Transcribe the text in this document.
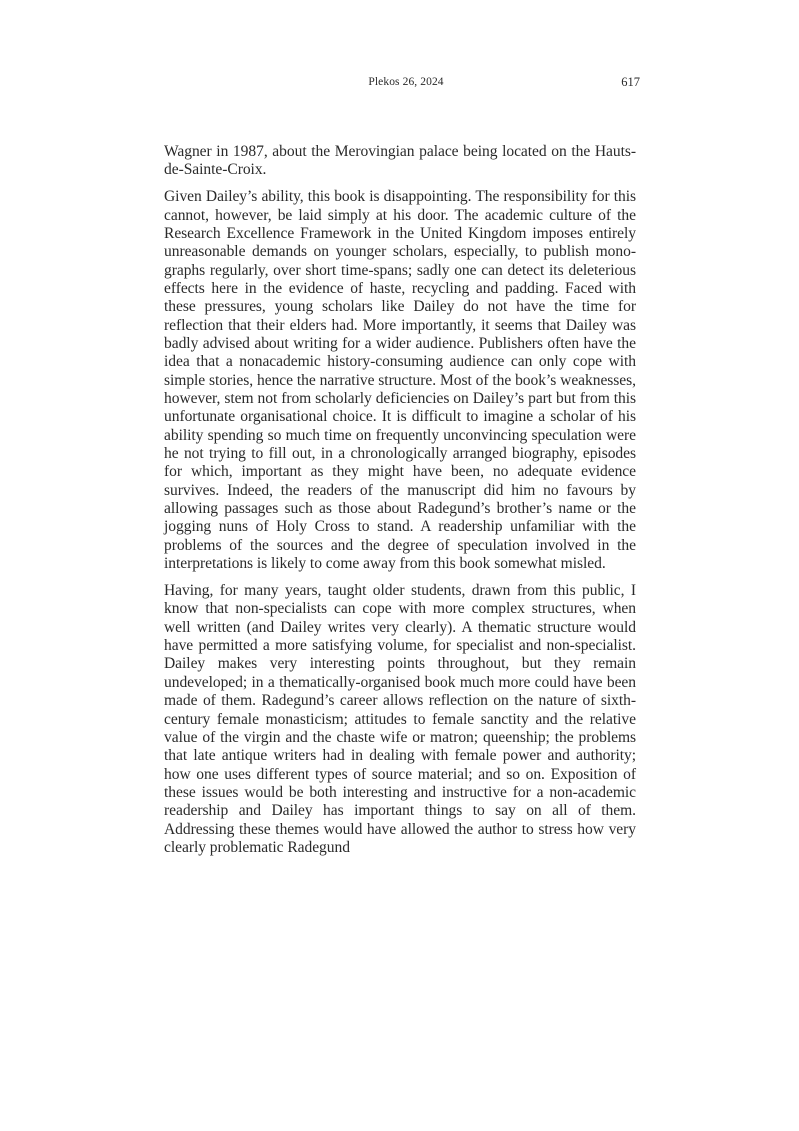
Plekos 26, 2024	617

Wagner in 1987, about the Merovingian palace being located on the Hauts-de-Sainte-Croix.

Given Dailey’s ability, this book is disappointing. The responsibility for this cannot, however, be laid simply at his door. The academic culture of the Research Excellence Framework in the United Kingdom imposes entirely unreasonable demands on younger scholars, especially, to publish monographs regularly, over short time-spans; sadly one can detect its deleterious effects here in the evidence of haste, recycling and padding. Faced with these pressures, young scholars like Dailey do not have the time for reflection that their elders had. More importantly, it seems that Dailey was badly advised about writing for a wider audience. Publishers often have the idea that a nonacademic history-consuming audience can only cope with simple stories, hence the narrative structure. Most of the book’s weaknesses, however, stem not from scholarly deficiencies on Dailey’s part but from this unfortunate organisational choice. It is difficult to imagine a scholar of his ability spending so much time on frequently unconvincing speculation were he not trying to fill out, in a chronologically arranged biography, episodes for which, important as they might have been, no adequate evidence survives. Indeed, the readers of the manuscript did him no favours by allowing passages such as those about Radegund’s brother’s name or the jogging nuns of Holy Cross to stand. A readership unfamiliar with the problems of the sources and the degree of speculation involved in the interpretations is likely to come away from this book somewhat misled.

Having, for many years, taught older students, drawn from this public, I know that non-specialists can cope with more complex structures, when well written (and Dailey writes very clearly). A thematic structure would have permitted a more satisfying volume, for specialist and non-specialist. Dailey makes very interesting points throughout, but they remain undeveloped; in a thematically-organised book much more could have been made of them. Radegund’s career allows reflection on the nature of sixth-century female monasticism; attitudes to female sanctity and the relative value of the virgin and the chaste wife or matron; queenship; the problems that late antique writers had in dealing with female power and authority; how one uses different types of source material; and so on. Exposition of these issues would be both interesting and instructive for a non-academic readership and Dailey has important things to say on all of them. Addressing these themes would have allowed the author to stress how very clearly problematic Radegund
